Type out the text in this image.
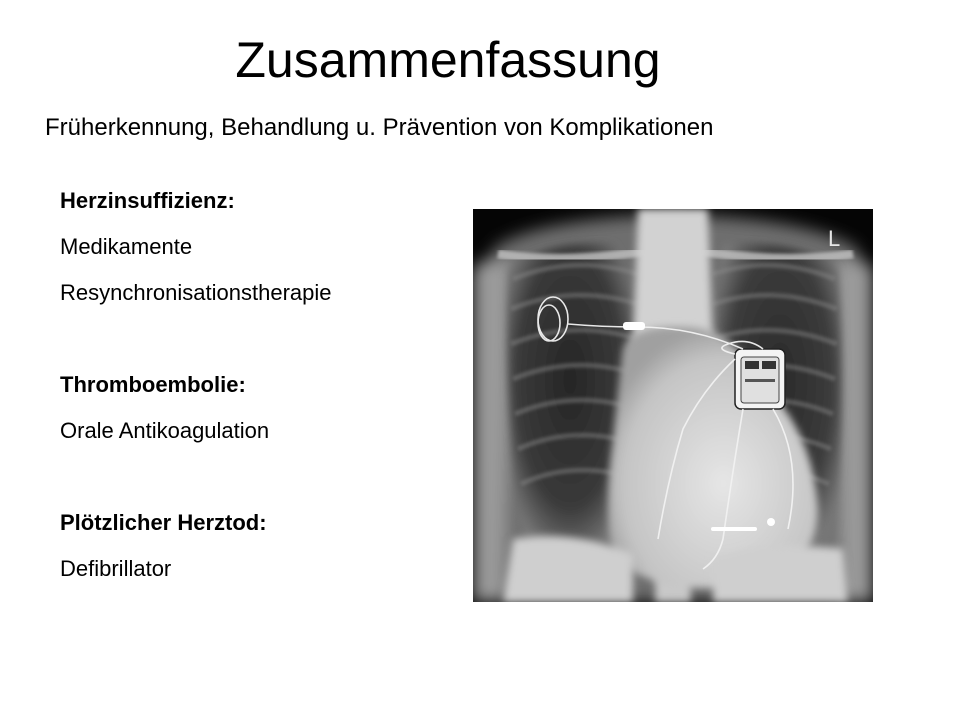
Zusammenfassung
Früherkennung, Behandlung u. Prävention von Komplikationen
Herzinsuffizienz:
Medikamente
Resynchronisationstherapie
Thromboembolie:
Orale Antikoagulation
Plötzlicher Herztod:
Defibrillator
L
